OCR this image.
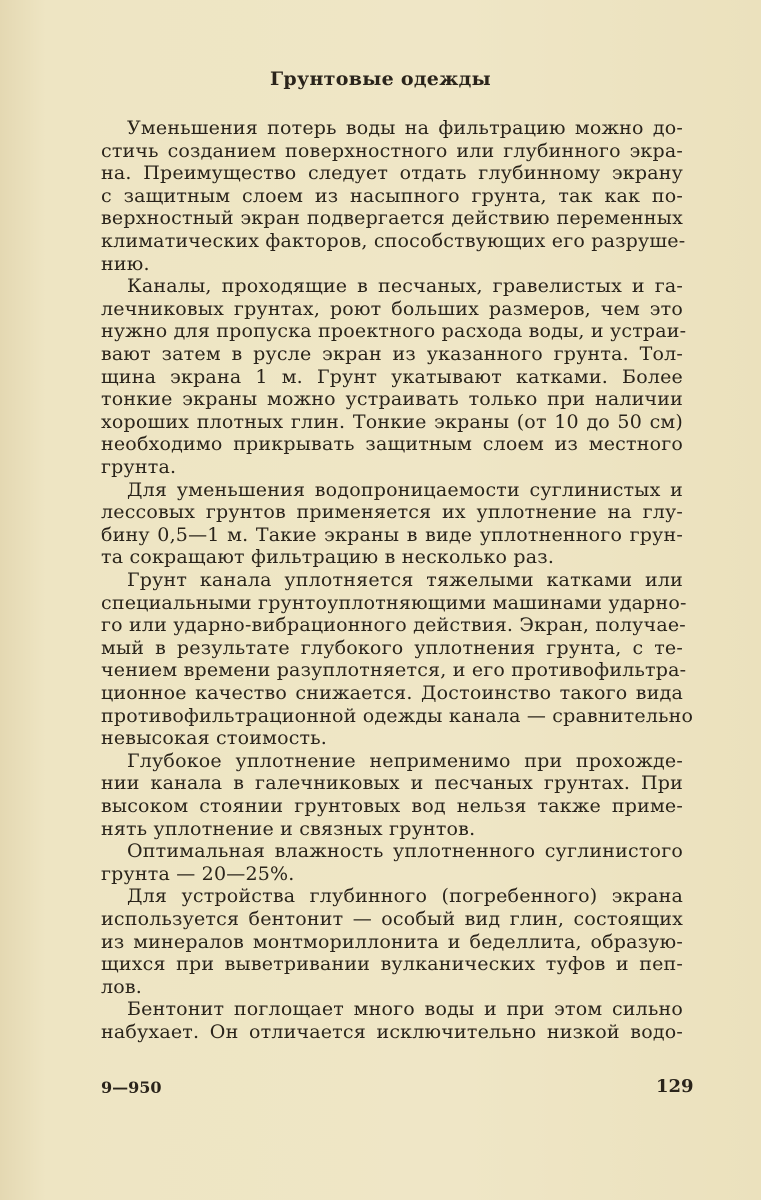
Грунтовые одежды
Уменьшения потерь воды на фильтрацию можно до-
стичь созданием поверхностного или глубинного экра-
на. Преимущество следует отдать глубинному экрану
с защитным слоем из насыпного грунта, так как по-
верхностный экран подвергается действию переменных
климатических факторов, способствующих его разруше-
нию.
Каналы, проходящие в песчаных, гравелистых и га-
лечниковых грунтах, роют больших размеров, чем это
нужно для пропуска проектного расхода воды, и устраи-
вают затем в русле экран из указанного грунта. Тол-
щина экрана 1 м. Грунт укатывают катками. Более
тонкие экраны можно устраивать только при наличии
хороших плотных глин. Тонкие экраны (от 10 до 50 см)
необходимо прикрывать защитным слоем из местного
грунта.
Для уменьшения водопроницаемости суглинистых и
лессовых грунтов применяется их уплотнение на глу-
бину 0,5—1 м. Такие экраны в виде уплотненного грун-
та сокращают фильтрацию в несколько раз.
Грунт канала уплотняется тяжелыми катками или
специальными грунтоуплотняющими машинами ударно-
го или ударно-вибрационного действия. Экран, получае-
мый в результате глубокого уплотнения грунта, с те-
чением времени разуплотняется, и его противофильтра-
ционное качество снижается. Достоинство такого вида
противофильтрационной одежды канала — сравнительно
невысокая стоимость.
Глубокое уплотнение неприменимо при прохожде-
нии канала в галечниковых и песчаных грунтах. При
высоком стоянии грунтовых вод нельзя также приме-
нять уплотнение и связных грунтов.
Оптимальная влажность уплотненного суглинистого
грунта — 20—25%.
Для устройства глубинного (погребенного) экрана
используется бентонит — особый вид глин, состоящих
из минералов монтмориллонита и беделлита, образую-
щихся при выветривании вулканических туфов и пеп-
лов.
Бентонит поглощает много воды и при этом сильно
набухает. Он отличается исключительно низкой водо-
9—950	129
